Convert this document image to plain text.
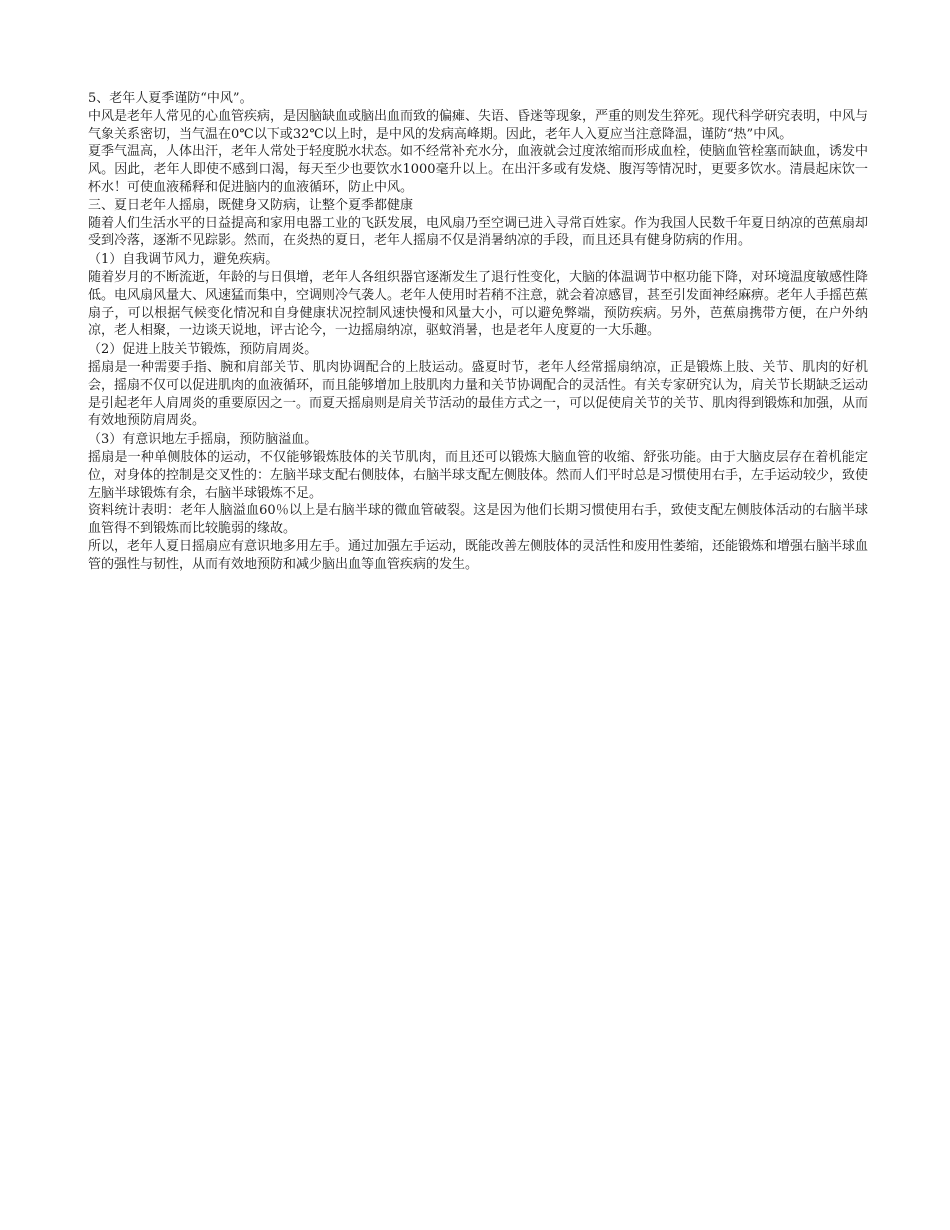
5、老年人夏季谨防“中风”。

中风是老年人常见的心血管疾病，是因脑缺血或脑出血而致的偏瘫、失语、昏迷等现象，严重的则发生猝死。现代科学研究表明，中风与气象关系密切，当气温在0℃以下或32℃以上时，是中风的发病高峰期。因此，老年人入夏应当注意降温，谨防“热”中风。

夏季气温高，人体出汗，老年人常处于轻度脱水状态。如不经常补充水分，血液就会过度浓缩而形成血栓，使脑血管栓塞而缺血，诱发中风。因此，老年人即使不感到口渴，每天至少也要饮水1000毫升以上。在出汗多或有发烧、腹泻等情况时，更要多饮水。清晨起床饮一杯水！可使血液稀释和促进脑内的血液循环，防止中风。

三、夏日老年人摇扇，既健身又防病，让整个夏季都健康

随着人们生活水平的日益提高和家用电器工业的飞跃发展，电风扇乃至空调已进入寻常百姓家。作为我国人民数千年夏日纳凉的芭蕉扇却受到冷落，逐渐不见踪影。然而，在炎热的夏日，老年人摇扇不仅是消暑纳凉的手段，而且还具有健身防病的作用。

（1）自我调节风力，避免疾病。

随着岁月的不断流逝，年龄的与日俱增，老年人各组织器官逐渐发生了退行性变化，大脑的体温调节中枢功能下降，对环境温度敏感性降低。电风扇风量大、风速猛而集中，空调则冷气袭人。老年人使用时若稍不注意，就会着凉感冒，甚至引发面神经麻痹。老年人手摇芭蕉扇子，可以根据气候变化情况和自身健康状况控制风速快慢和风量大小，可以避免弊端，预防疾病。另外，芭蕉扇携带方便，在户外纳凉，老人相聚，一边谈天说地，评古论今，一边摇扇纳凉，驱蚊消暑，也是老年人度夏的一大乐趣。

（2）促进上肢关节锻炼，预防肩周炎。

摇扇是一种需要手指、腕和肩部关节、肌肉协调配合的上肢运动。盛夏时节，老年人经常摇扇纳凉，正是锻炼上肢、关节、肌肉的好机会，摇扇不仅可以促进肌肉的血液循环，而且能够增加上肢肌肉力量和关节协调配合的灵活性。有关专家研究认为，肩关节长期缺乏运动是引起老年人肩周炎的重要原因之一。而夏天摇扇则是肩关节活动的最佳方式之一，可以促使肩关节的关节、肌肉得到锻炼和加强，从而有效地预防肩周炎。

（3）有意识地左手摇扇，预防脑溢血。

摇扇是一种单侧肢体的运动，不仅能够锻炼肢体的关节肌肉，而且还可以锻炼大脑血管的收缩、舒张功能。由于大脑皮层存在着机能定位，对身体的控制是交叉性的：左脑半球支配右侧肢体，右脑半球支配左侧肢体。然而人们平时总是习惯使用右手，左手运动较少，致使左脑半球锻炼有余，右脑半球锻炼不足。

资料统计表明：老年人脑溢血60％以上是右脑半球的微血管破裂。这是因为他们长期习惯使用右手，致使支配左侧肢体活动的右脑半球血管得不到锻炼而比较脆弱的缘故。

所以，老年人夏日摇扇应有意识地多用左手。通过加强左手运动，既能改善左侧肢体的灵活性和废用性萎缩，还能锻炼和增强右脑半球血管的强性与韧性，从而有效地预防和减少脑出血等血管疾病的发生。
